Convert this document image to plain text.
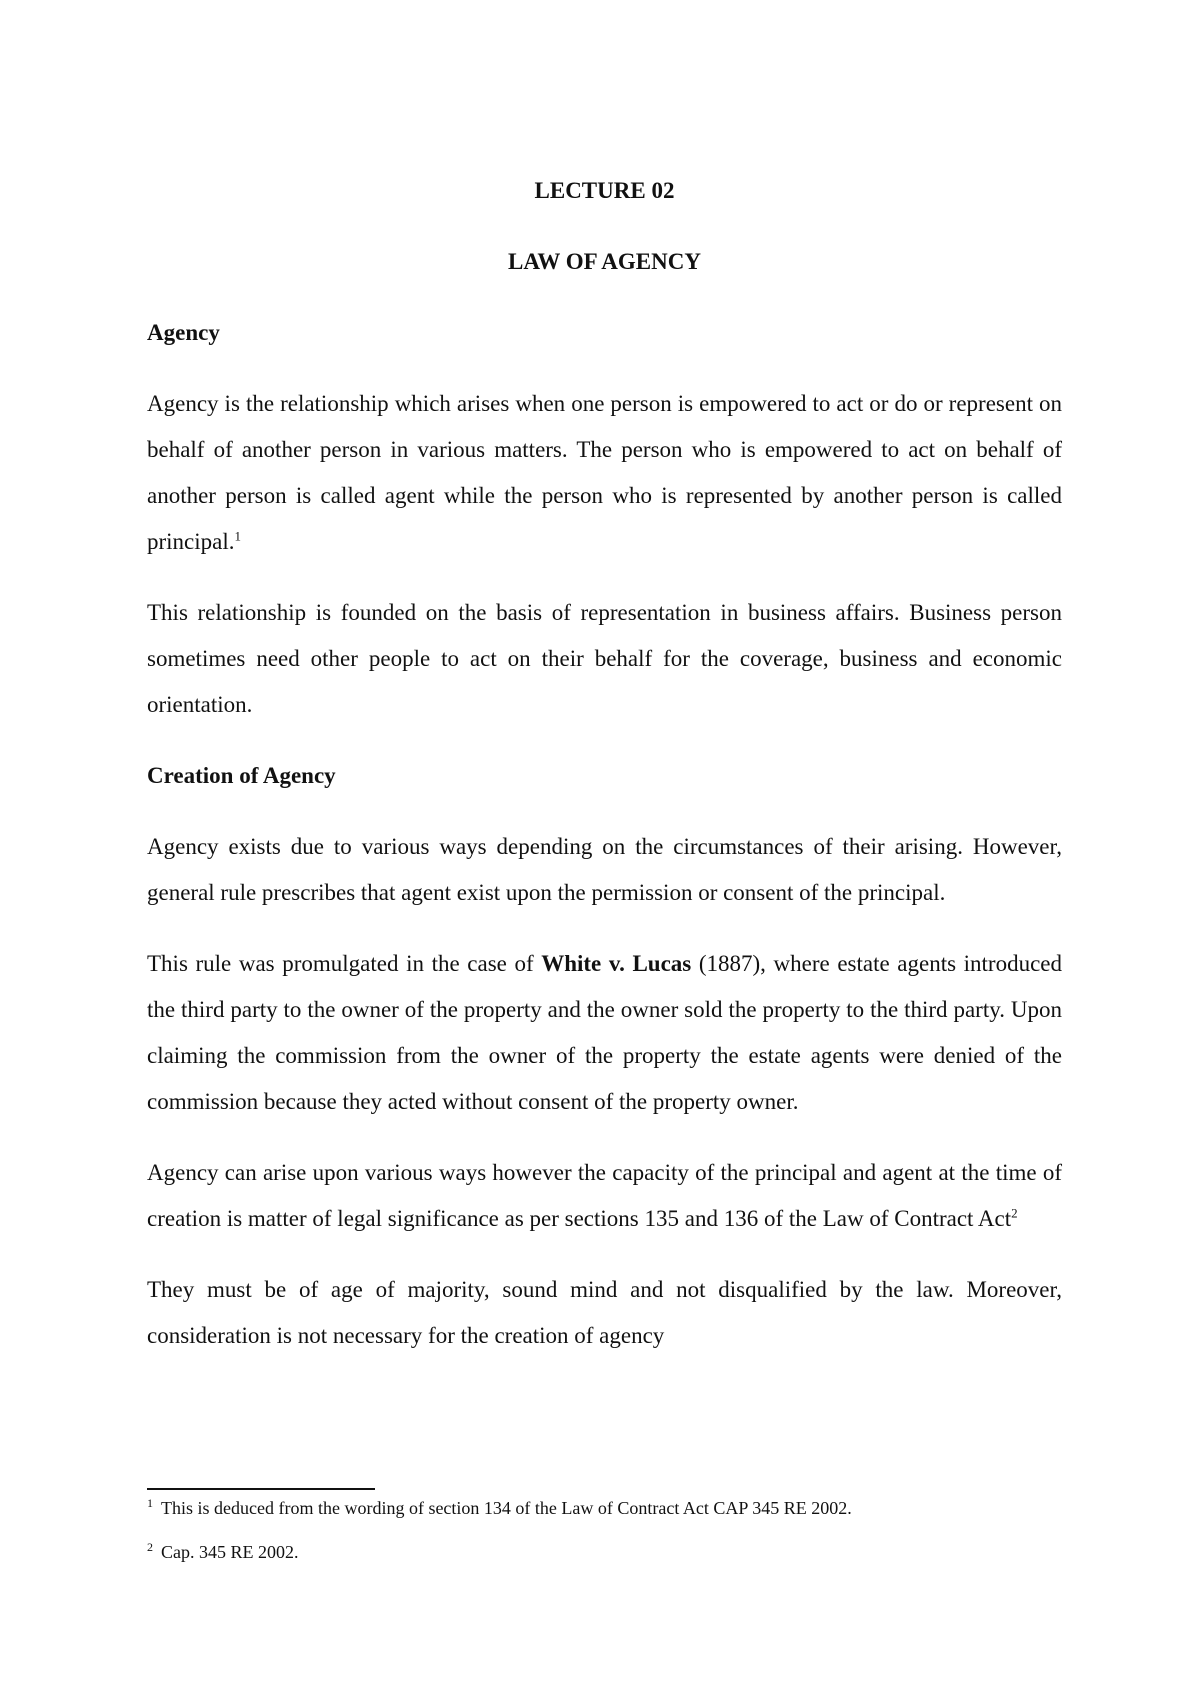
LECTURE 02

LAW OF AGENCY

Agency

Agency is the relationship which arises when one person is empowered to act or do or represent on behalf of another person in various matters. The person who is empowered to act on behalf of another person is called agent while the person who is represented by another person is called principal.$^1$

This relationship is founded on the basis of representation in business affairs. Business person sometimes need other people to act on their behalf for the coverage, business and economic orientation.

Creation of Agency

Agency exists due to various ways depending on the circumstances of their arising. However, general rule prescribes that agent exist upon the permission or consent of the principal.

This rule was promulgated in the case of White v. Lucas (1887), where estate agents introduced the third party to the owner of the property and the owner sold the property to the third party. Upon claiming the commission from the owner of the property the estate agents were denied of the commission because they acted without consent of the property owner.

Agency can arise upon various ways however the capacity of the principal and agent at the time of creation is matter of legal significance as per sections 135 and 136 of the Law of Contract Act$^2$

They must be of age of majority, sound mind and not disqualified by the law. Moreover, consideration is not necessary for the creation of agency

$^1$ This is deduced from the wording of section 134 of the Law of Contract Act CAP 345 RE 2002.

$^2$ Cap. 345 RE 2002.
